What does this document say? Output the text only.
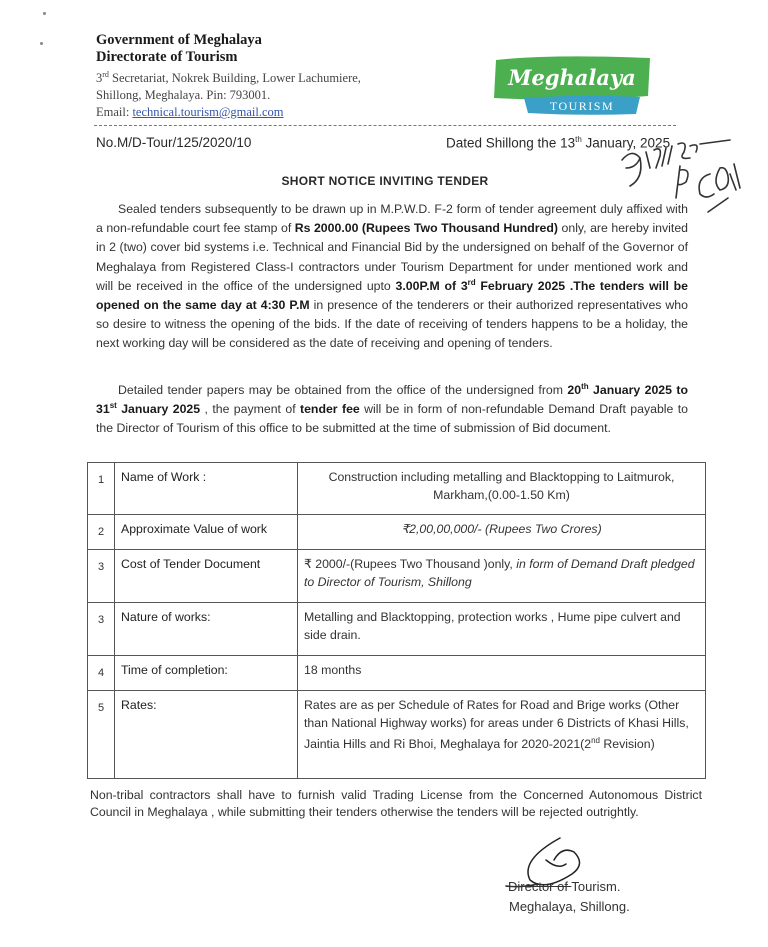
Government of Meghalaya
Directorate of Tourism
3rd Secretariat, Nokrek Building, Lower Lachumiere,
Shillong, Meghalaya. Pin: 793001.
Email: technical.tourism@gmail.com
Meghalaya
TOURISM
No.M/D-Tour/125/2020/10	Dated Shillong the 13th January, 2025.
SHORT NOTICE INVITING TENDER
Sealed tenders subsequently to be drawn up in M.P.W.D. F-2 form of tender agreement duly affixed with a non-refundable court fee stamp of Rs 2000.00 (Rupees Two Thousand Hundred) only, are hereby invited in 2 (two) cover bid systems i.e. Technical and Financial Bid by the undersigned on behalf of the Governor of Meghalaya from Registered Class-I contractors under Tourism Department for under mentioned work and will be received in the office of the undersigned upto 3.00P.M of 3rd February 2025 .The tenders will be opened on the same day at 4:30 P.M in presence of the tenderers or their authorized representatives who so desire to witness the opening of the bids. If the date of receiving of tenders happens to be a holiday, the next working day will be considered as the date of receiving and opening of tenders.
Detailed tender papers may be obtained from the office of the undersigned from 20th January 2025 to 31st January 2025 , the payment of tender fee will be in form of non-refundable Demand Draft payable to the Director of Tourism of this office to be submitted at the time of submission of Bid document.
1	Name of Work :	Construction including metalling and Blacktopping to Laitmurok, Markham,(0.00-1.50 Km)
2	Approximate Value of work	₹2,00,00,000/- (Rupees Two Crores)
3	Cost of Tender Document	₹ 2000/-(Rupees Two Thousand )only, in form of Demand Draft pledged to Director of Tourism, Shillong
3	Nature of works:	Metalling and Blacktopping, protection works , Hume pipe culvert and side drain.
4	Time of completion:	18 months
5	Rates:	Rates are as per Schedule of Rates for Road and Brige works (Other than National Highway works) for areas under 6 Districts of Khasi Hills, Jaintia Hills and Ri Bhoi, Meghalaya for 2020-2021(2nd Revision)
Non-tribal contractors shall have to furnish valid Trading License from the Concerned Autonomous District Council in Meghalaya , while submitting their tenders otherwise the tenders will be rejected outrightly.
Director of Tourism.
Meghalaya, Shillong.
